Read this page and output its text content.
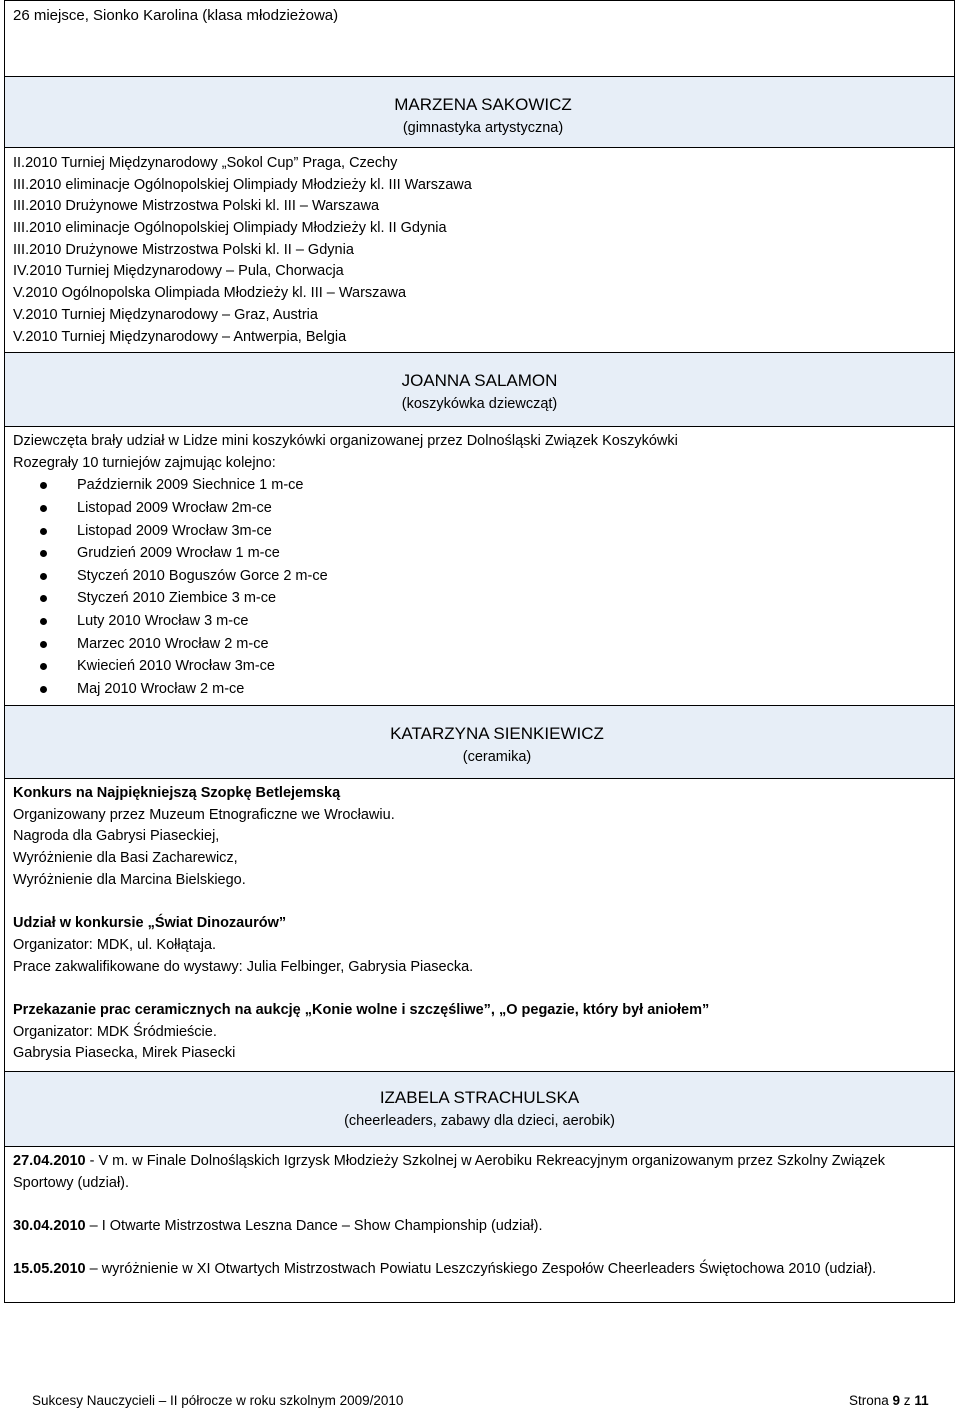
26 miejsce, Sionko Karolina (klasa młodzieżowa)
MARZENA SAKOWICZ
(gimnastyka artystyczna)
II.2010 Turniej Międzynarodowy „Sokol Cup” Praga, Czechy
III.2010 eliminacje Ogólnopolskiej Olimpiady Młodzieży kl. III Warszawa
III.2010 Drużynowe Mistrzostwa Polski kl. III – Warszawa
III.2010 eliminacje Ogólnopolskiej Olimpiady Młodzieży kl. II Gdynia
III.2010 Drużynowe Mistrzostwa Polski kl. II – Gdynia
IV.2010 Turniej Międzynarodowy – Pula, Chorwacja
V.2010 Ogólnopolska Olimpiada Młodzieży kl. III – Warszawa
V.2010 Turniej Międzynarodowy – Graz, Austria
V.2010 Turniej Międzynarodowy – Antwerpia, Belgia
JOANNA SALAMON
(koszykówka dziewcząt)
Dziewczęta brały udział w Lidze mini koszykówki organizowanej przez Dolnośląski Związek Koszykówki
Rozegrały 10 turniejów zajmując kolejno:
Październik 2009 Siechnice 1 m-ce
Listopad 2009 Wrocław 2m-ce
Listopad 2009 Wrocław 3m-ce
Grudzień 2009 Wrocław 1 m-ce
Styczeń 2010 Boguszów Gorce 2 m-ce
Styczeń 2010 Ziembice 3 m-ce
Luty 2010 Wrocław 3 m-ce
Marzec 2010 Wrocław 2 m-ce
Kwiecień 2010 Wrocław 3m-ce
Maj 2010 Wrocław 2 m-ce
KATARZYNA SIENKIEWICZ
(ceramika)
Konkurs na Najpiękniejszą Szopkę Betlejemską
Organizowany przez Muzeum Etnograficzne we Wrocławiu.
Nagroda dla Gabrysi Piaseckiej,
Wyróżnienie dla Basi Zacharewicz,
Wyróżnienie dla Marcina Bielskiego.
Udział w konkursie „Świat Dinozaurów”
Organizator: MDK, ul. Kołłątaja.
Prace zakwalifikowane do wystawy: Julia Felbinger, Gabrysia Piasecka.
Przekazanie prac ceramicznych na aukcję „Konie wolne i szczęśliwe”, „O pegazie, który był aniołem”
Organizator: MDK Śródmieście.
Gabrysia Piasecka, Mirek Piasecki
IZABELA STRACHULSKA
(cheerleaders, zabawy dla dzieci, aerobik)
27.04.2010 - V m. w Finale Dolnośląskich Igrzysk Młodzieży Szkolnej w Aerobiku Rekreacyjnym organizowanym przez Szkolny Związek Sportowy (udział).
30.04.2010 – I Otwarte Mistrzostwa Leszna Dance – Show Championship (udział).
15.05.2010 – wyróżnienie w XI Otwartych Mistrzostwach Powiatu Leszczyńskiego Zespołów Cheerleaders Świętochowa 2010 (udział).
Sukcesy Nauczycieli – II półrocze w roku szkolnym 2009/2010	Strona 9 z 11
